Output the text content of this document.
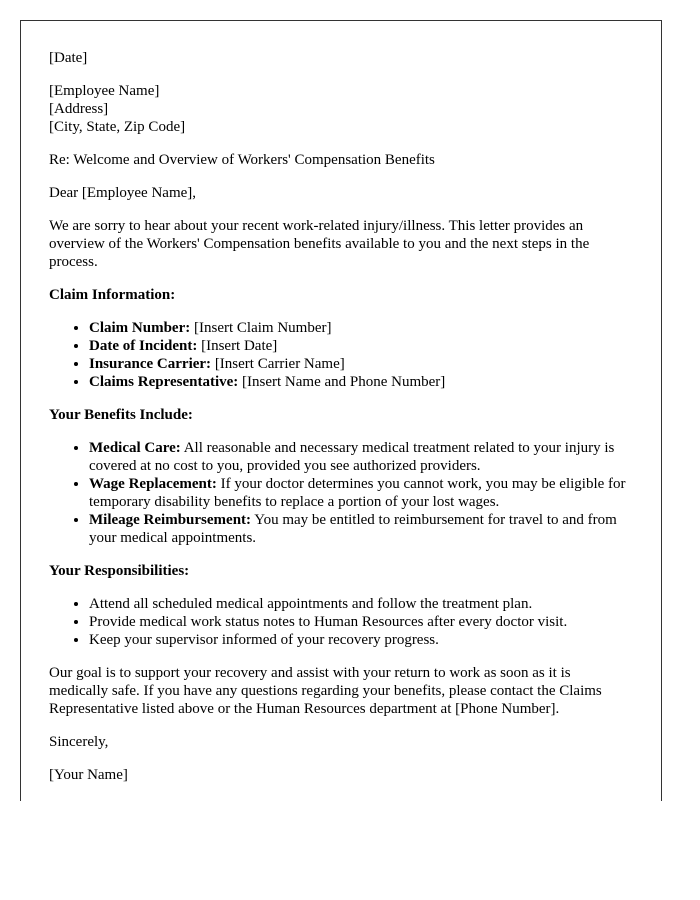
[Date]

[Employee Name]
[Address]
[City, State, Zip Code]

Re: Welcome and Overview of Workers' Compensation Benefits

Dear [Employee Name],

We are sorry to hear about your recent work-related injury/illness. This letter provides an overview of the Workers' Compensation benefits available to you and the next steps in the process.

Claim Information:

• Claim Number: [Insert Claim Number]
• Date of Incident: [Insert Date]
• Insurance Carrier: [Insert Carrier Name]
• Claims Representative: [Insert Name and Phone Number]

Your Benefits Include:

• Medical Care: All reasonable and necessary medical treatment related to your injury is covered at no cost to you, provided you see authorized providers.
• Wage Replacement: If your doctor determines you cannot work, you may be eligible for temporary disability benefits to replace a portion of your lost wages.
• Mileage Reimbursement: You may be entitled to reimbursement for travel to and from your medical appointments.

Your Responsibilities:

• Attend all scheduled medical appointments and follow the treatment plan.
• Provide medical work status notes to Human Resources after every doctor visit.
• Keep your supervisor informed of your recovery progress.

Our goal is to support your recovery and assist with your return to work as soon as it is medically safe. If you have any questions regarding your benefits, please contact the Claims Representative listed above or the Human Resources department at [Phone Number].

Sincerely,

[Your Name]
